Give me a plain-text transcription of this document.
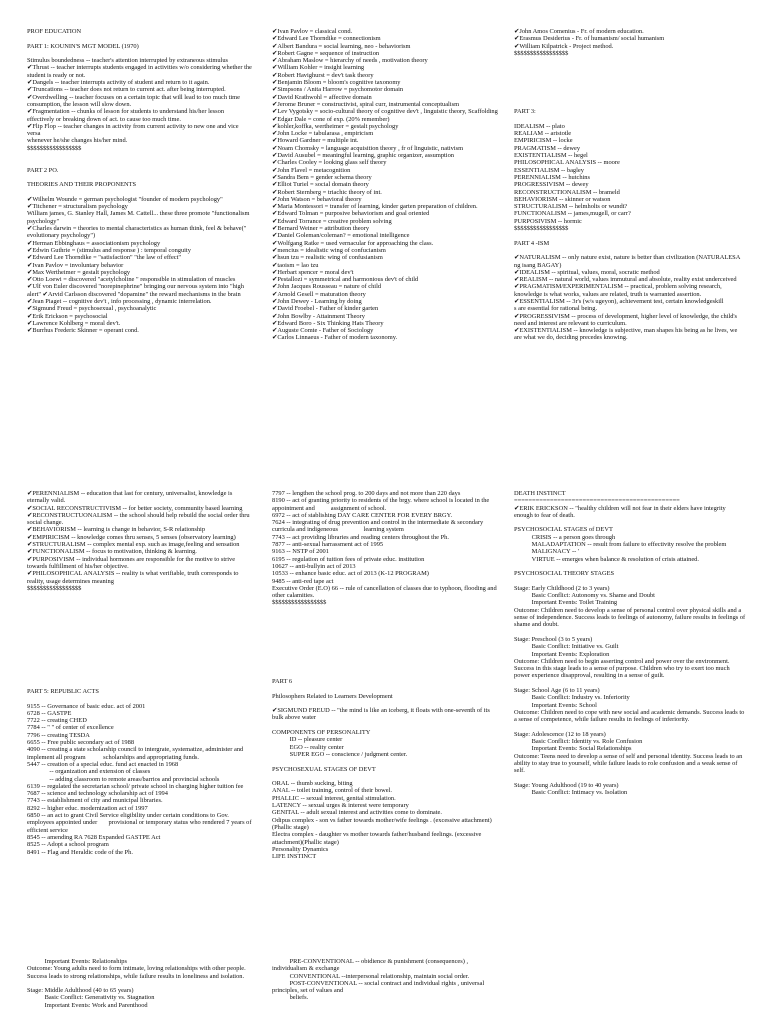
PROF EDUCATION

PART 1: KOUNIN'S MGT MODEL (1970)

Stimulus boundedness -- teacher's attention interrupted by extraneous stimulus
✔Thrust -- teacher interrupts students engaged in activities w/o considering whether the student is ready or not.
✔Dangels -- teacher interrupts activity of student and return to it again.
✔Truncations -- teacher does not return to current act. after being interrupted.
✔Overdwelling -- teacher focuses on a certain topic that will lead to too much time consumption, the lesson will slow down.
✔Fragmentation -- chunks of lesson for students to understand his/her lesson effectively or breaking down of act. to cause too much time.
✔Flip Flop -- teacher changes in activity from current activity to new one and vice versa
whenever he/she changes his/her mind.
$$$$$$$$$$$$$$$$$

PART 2 PO.

THEORIES AND THEIR PROPONENTS

✔Wilhelm Wounde = german psychologist "founder of modern psychology"
✔Titchener = structuralism psychology
William james, G. Stanley Hall, James M. Cattell... these three promote "functionalism psychology"
✔Charles darwin = theories to mental characteristics as human think, feel & behave(" evolutionary psychology")
✔Herman Ebbinghaus = associationism psychology
✔Edwin Guthrie = (stimulus and response ) : temporal conguity
✔Edward Lee Thorndike = "satisfaction" "the law of effect"
✔Ivan Pavlov = involuntary behavior
✔Max Wertheimer = gestalt psychology
✔Otto Loewi = discovered "acetylcholine " responsible in stimulation of muscles
✔Ulf von Euler discovered "norepinephrine" bringing our nervous system into "high alert" ✔Arvid Carlsson discovered "dopamine" the reward mechanisms in the brain
✔Jean Piaget -- cognitive dev't , info processing , dynamic interrelation.
✔Sigmund Freud = psychosexual , psychoanalytic
✔Erik Erickson = psychosocial
✔Lawrence Kohlberg = moral dev't.
✔Burrhus Frederic Skinner = operant cond.
✔Ivan Pavlov = classical cond.
✔Edward Lee Thorndike = connectionism
✔Albert Bandura = social learning, neo - behaviorism
✔Robert Gagne = sequence of instruction
✔Abraham Maslow = hierarchy of needs , motivation theory
✔William Kohler = insight learning
✔Robert Havighurst = dev't task theory
✔Benjamin Bloom = bloom's cognitive taxonomy
✔Simpsons / Anita Harrow = psychomotor domain
✔David Krathwohl = affective domain
✔Jerome Bruner = constructivist, spiral curr, instrumental conceptualism
✔Lev Vygotsky = socio-cultural theory of cognitive dev't , linguistic theory, Scaffolding
✔Edgar Dale = cone of exp. (20% remember)
✔kohler,koffka, wertheimer = gestalt psychology
✔John Locke = tabularasa , empiricism
✔Howard Gardner = multiple int.
✔Noam Chomsky = language acquisition theory , fr of linguistic, nativism
✔David Ausubel = meaningful learning, graphic organizer, assumption
✔Charles Cooley = looking glass self theory
✔John Flavel = metacognition
✔Sandra Bem = gender schema theory
✔Elliot Turiel = social domain theory
✔Robert Sternberg = triachic theory of int.
✔John Watson = behavioral theory
✔Maria Montessori = transfer of learning, kinder garten preparation of children.
✔Edward Tolman = purposive behaviorism and goal oriented
✔Edward Torrance = creative problem solving
✔Bernard Weiner = attribution theory
✔Daniel Goleman/coleman? = emotional intelligence
✔Wolfgang Ratke = used vernacular for approaching the class.
✔mencius = idealistic wing of confucianism
✔hsun tzu = realistic wing of confusianism
✔taoism = lao tzu
✔Herbart spencer = moral dev't
✔Pestallozi = symmetrical and harmonious dev't of child
✔John Jacques Rousseau = nature of child
✔Arnold Gesell = maturation theory
✔John Dewey - Learning by doing
✔David Froebel - Father of kinder garten
✔John Bowlby - Attainment Theory
✔Edward Boro - Six Thinking Hats Theory
✔Auguste Comte - Father of Sociology
✔Carlos Linnaeus - Father of modern taxonomy.
✔John Amos Comenius - Fr. of modern education.
✔Erasmus Desiderius - Fr. of humanism/ social humanism
✔William Kilpatrick - Project method.
$$$$$$$$$$$$$$$$$

PART 3:

IDEALISM -- plato
REALIAM -- aristotle
EMPIRICISM -- locke
PRAGMATISM -- dewey
EXISTENTIALISM -- hegel
PHILOSOPHICAL ANALYSIS -- moore
ESSENTIALISM -- bagley
PERENNIALISM -- hutchins
PROGRESSIVISM -- dewey
RECONSTRUCTIONALISM -- brameld
BEHAVIORISM -- skinner or watson
STRUCTURALISM -- helmholts or wundt?
FUNCTIONALISM -- james,mugell, or carr?
PURPOSIVISM -- hormic
$$$$$$$$$$$$$$$$$

PART 4 -ISM

✔NATURALISM -- only nature exist, nature is better than civilization (NATURALESA ng isang BAGAY)
✔IDEALISM -- spiritual, values, moral, socratic method
✔REALISM -- natural world, values immutural and absolute, reality exist underceived
✔PRAGMATISM/EXPERIMENTALISM -- practical, problem solving research, knowledge is what works, values are related, truth is warranted assertion.
✔ESSENTIALISM -- 3r's (w/s ugeyon), achievement test, certain knowledgeskill
s are essential for rational being.
✔PROGRESSIVISM -- process of development, higher level of knowledge, the child's need and interest are relevant to curriculum.
✔EXISTENTIALISM -- knowledge is subjective, man shapes his being as he lives, we are what we do, deciding precedes knowing.
✔PERENNIALISM -- education that last for century, universalist, knowledge is eternally valid.
✔SOCIAL RECONSTRUCTIVISM -- for better society, community based learning
✔RECONSTRUCTUONALISM -- the school should help rebuild the social order thru social change.
✔BEHAVIORISM -- learning is change in behavior, S-R relationship
✔EMPIRICISM -- knowledge comes thru senses, 5 senses (observatory learning)
✔STRUCTURALISM -- complex mental exp. such as image,feeling and sensation
✔FUNCTIONALISM -- focus to motivation, thinking & learning.
✔PURPOSIVISM -- individual hormones are responsible for the motive to strive towards fulfillment of his/her objective.
✔PHILOSOPHICAL ANALYSIS -- reality is what verifiable, truth corresponds to reality, usage determines meaning
$$$$$$$$$$$$$$$$$
7797 -- lengthen the school prog. to 200 days and not more than 220 days
8190 -- act of granting priority to residents of the brgy. where school is located in the appointment and          assignment of school.
6972 -- act of stablishing DAY CARE CENTER FOR EVERY BRGY.
7624 -- integrating of drug prevention and control in the intermediate & secondary curricula and indigeneous                learning system
7743 -- act providing libraries and reading centers throughout the Ph.
7877 -- anti-sexual harrassment act of 1995
9163 -- NSTP of 2001
6195 -- regulation of tuition fees of private educ. institution
10627 -- anti-bullyin act of 2013
10533 -- enhance basic educ. act of 2013 (K-12 PROGRAM)
9485 -- anti-red tape act
Executive Order (E.O) 66 -- rule of cancellation of classes due to typhoon, flooding and other calamities.
$$$$$$$$$$$$$$$$$
DEATH INSTINCT
==============================================
✔ERIK ERICKSON -- "healthy children will not fear in their elders have integrity enough to fear of death.

PSYCHOSOCIAL STAGES of DEVT
CRISIS -- a person goes through
MALADAPTATION -- result from failure to effectivity resolve the problem
MALIGNACY -- '
VIRTUE -- emerges when balance & resolution of crisis attained.

PSYCHOSOCIAL THEORY STAGES

Stage: Early Childhood (2 to 3 years)
Basic Conflict: Autonomy vs. Shame and Doubt
Important Events: Toilet Training
Outcome: Children need to develop a sense of personal control over physical skills and a sense of independence. Success leads to feelings of autonomy, failure results in feelings of shame and doubt.

Stage: Preschool (3 to 5 years)
Basic Conflict: Initiative vs. Guilt
Important Events: Exploration
Outcome: Children need to begin asserting control and power over the environment. Success in this stage leads to a sense of purpose. Children who try to exert too much power experience disapproval, resulting in a sense of guilt.

Stage: School Age (6 to 11 years)
Basic Conflict: Industry vs. Inferiority
Important Events: School
Outcome: Children need to cope with new social and academic demands. Success leads to a sense of competence, while failure results in feelings of inferiority.

Stage: Adolescence (12 to 18 years)
Basic Conflict: Identity vs. Role Confusion
Important Events: Social Relationships
Outcome: Teens need to develop a sense of self and personal identity. Success leads to an ability to stay true to yourself, while failure leads to role confusion and a weak sense of self.

Stage: Young Adulthood (19 to 40 years)
Basic Conflict: Intimacy vs. Isolation
PART 5: REPUBLIC ACTS

9155 -- Governance of basic educ. act of 2001
6728 -- GASTPE
7722 -- creating CHED
7784 -- " " of center of excellence
7796 -- creating TESDA
6655 -- Free public secondary act of 1988
4090 -- creating a state scholarship council to intergrate, systematize, administer and implement all program           scholarships and appropriating funds.
5447 -- creation of a special educ. fund act enacted in 1968
-- organization and extension of classes
-- adding classroom to remote areas/barrios and provincial schools
6139 -- regulated the secretarian school/ private school in charging higher tuition fee
7687 -- science and technology scholarship act of 1994
7743 -- establishment of city and municipal libraries.
8292 -- higher educ. modernization act of 1997
6850 -- an act to grant Civil Service eligibility under certain conditions to Gov. employees appointed under       provisional or temporary status who rendered 7 years of efficient service
8545 -- amending RA 7628 Expanded GASTPE Act
8525 -- Adopt a school program
8491 -- Flag and Heraldic code of the Ph.
PART 6

Philosophers Related to Learners Development

✔SIGMUND FREUD -- "the mind is like an iceberg, it floats with one-seventh of its bulk above water

COMPONENTS OF PERSONALITY
ID -- pleasure center
EGO -- reality center
SUPER EGO -- conscience / judgment center.

PSYCHOSEXUAL STAGES OF DEVT

ORAL -- thumb sucking, biting
ANAL -- toilet training, control of their bowel.
PHALLIC -- sexual interest, genital stimulation.
LATENCY -- sexual urges & interest were temporary
GENITAL -- adult sexual interest and activities come to dominate.
Odipus complex - son vs father towards mother/wife feelings . (excessive attachment)(Phallic stage)
Electra complex - daughter vs mother towards father/husband feelings. (excessive attachment)(Phallic stage)
Personality Dynamics
LIFE INSTINCT
Important Events: Relationships
Outcome: Young adults need to form intimate, loving relationships with other people. Success leads to strong relationships, while failure results in loneliness and isolation.

Stage: Middle Adulthood (40 to 65 years)
Basic Conflict: Generativity vs. Stagnation
Important Events: Work and Parenthood
PRE-CONVENTIONAL -- obidience & punishment (consequences) , individualism & exchange
CONVENTIONAL --interpersonal relationship, maintain social order.
POST-CONVENTIONAL -- social contract and individual rights , universal principles, set of values and
beliefs.
